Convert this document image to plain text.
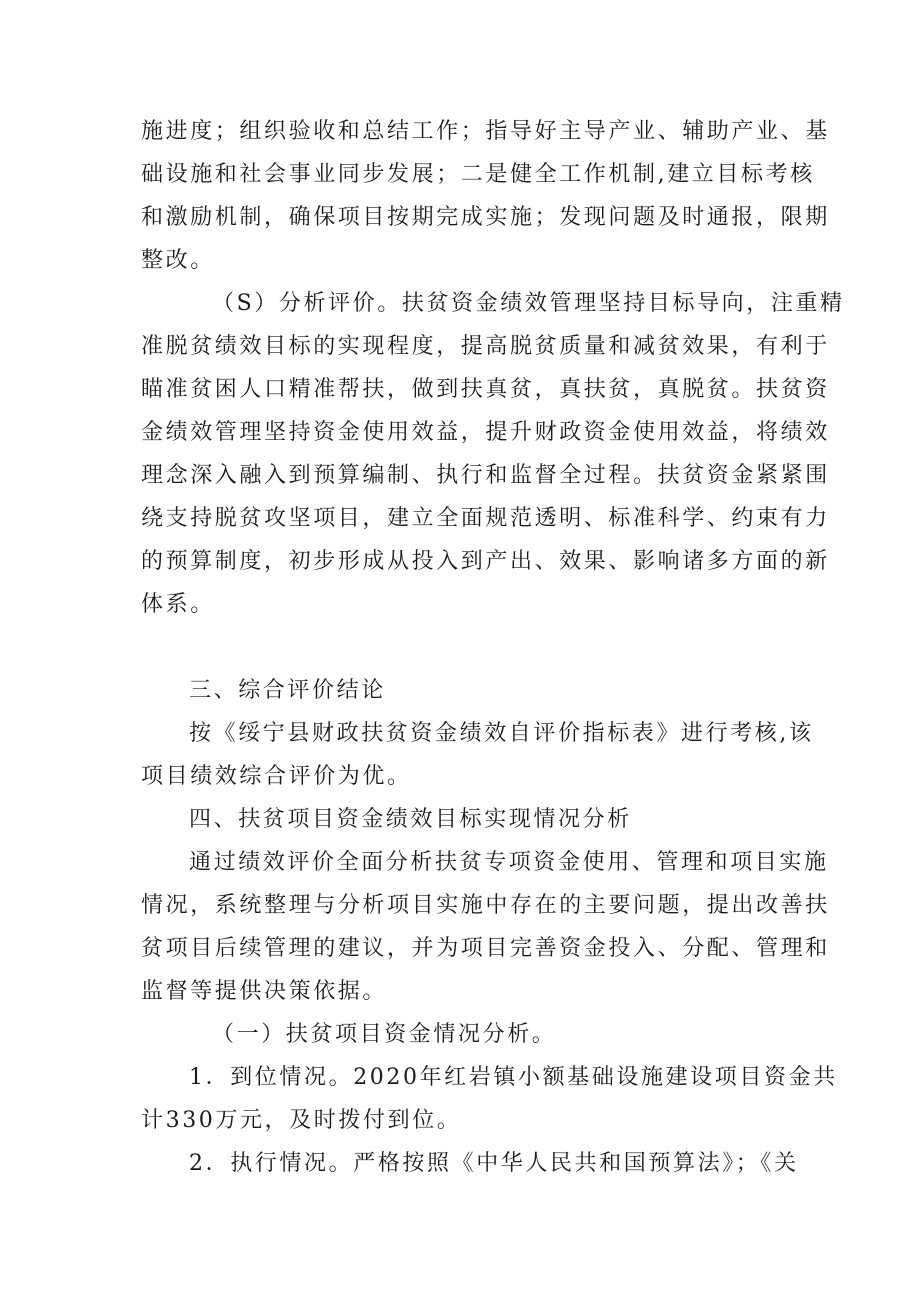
施进度；组织验收和总结工作；指导好主导产业、辅助产业、基
础设施和社会事业同步发展；二是健全工作机制,建立目标考核
和激励机制，确保项目按期完成实施；发现问题及时通报，限期
整改。
（S）分析评价。扶贫资金绩效管理坚持目标导向，注重精
准脱贫绩效目标的实现程度，提高脱贫质量和减贫效果，有利于
瞄准贫困人口精准帮扶，做到扶真贫，真扶贫，真脱贫。扶贫资
金绩效管理坚持资金使用效益，提升财政资金使用效益，将绩效
理念深入融入到预算编制、执行和监督全过程。扶贫资金紧紧围
绕支持脱贫攻坚项目，建立全面规范透明、标准科学、约束有力
的预算制度，初步形成从投入到产出、效果、影响诸多方面的新
体系。
三、综合评价结论
按《绥宁县财政扶贫资金绩效自评价指标表》进行考核,该
项目绩效综合评价为优。
四、扶贫项目资金绩效目标实现情况分析
通过绩效评价全面分析扶贫专项资金使用、管理和项目实施
情况，系统整理与分析项目实施中存在的主要问题，提出改善扶
贫项目后续管理的建议，并为项目完善资金投入、分配、管理和
监督等提供决策依据。
（一）扶贫项目资金情况分析。
1．到位情况。2020年红岩镇小额基础设施建设项目资金共
计330万元，及时拨付到位。
2．执行情况。严格按照《中华人民共和国预算法》；《关
